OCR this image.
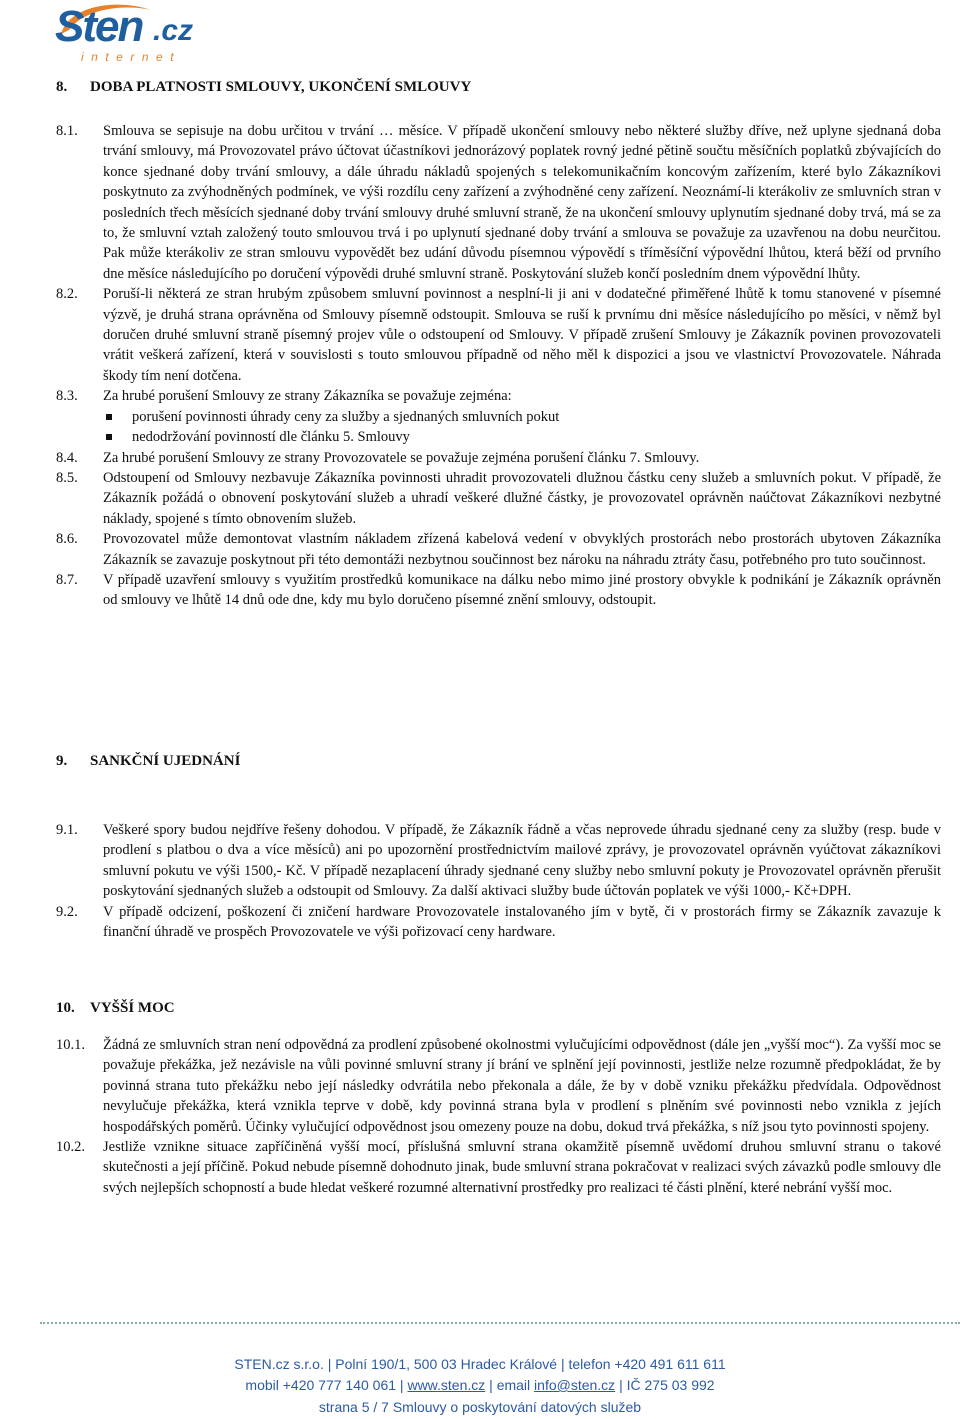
Sten .cz
internet
8. DOBA PLATNOSTI SMLOUVY, UKONČENÍ SMLOUVY
8.1.	Smlouva se sepisuje na dobu určitou v trvání … měsíce. V případě ukončení smlouvy nebo některé služby dříve, než uplyne sjednaná doba trvání smlouvy, má Provozovatel právo účtovat účastníkovi jednorázový poplatek rovný jedné pětině součtu měsíčních poplatků zbývajících do konce sjednané doby trvání smlouvy, a dále úhradu nákladů spojených s telekomunikačním koncovým zařízením, které bylo Zákazníkovi poskytnuto za zvýhodněných podmínek, ve výši rozdílu ceny zařízení a zvýhodněné ceny zařízení. Neoznámí-li kterákoliv ze smluvních stran v posledních třech měsících sjednané doby trvání smlouvy druhé smluvní straně, že na ukončení smlouvy uplynutím sjednané doby trvá, má se za to, že smluvní vztah založený touto smlouvou trvá i po uplynutí sjednané doby trvání a smlouva se považuje za uzavřenou na dobu neurčitou. Pak může kterákoliv ze stran smlouvu vypovědět bez udání důvodu písemnou výpovědí s tříměsíční výpovědní lhůtou, která běží od prvního dne měsíce následujícího po doručení výpovědi druhé smluvní straně. Poskytování služeb končí posledním dnem výpovědní lhůty.
8.2.	Poruší-li některá ze stran hrubým způsobem smluvní povinnost a nesplní-li ji ani v dodatečné přiměřené lhůtě k tomu stanovené v písemné výzvě, je druhá strana oprávněna od Smlouvy písemně odstoupit. Smlouva se ruší k prvnímu dni měsíce následujícího po měsíci, v němž byl doručen druhé smluvní straně písemný projev vůle o odstoupení od Smlouvy. V případě zrušení Smlouvy je Zákazník povinen provozovateli vrátit veškerá zařízení, která v souvislosti s touto smlouvou případně od něho měl k dispozici a jsou ve vlastnictví Provozovatele. Náhrada škody tím není dotčena.
8.3.	Za hrubé porušení Smlouvy ze strany Zákazníka se považuje zejména:
porušení povinnosti úhrady ceny za služby a sjednaných smluvních pokut
nedodržování povinností dle článku 5. Smlouvy
8.4.	Za hrubé porušení Smlouvy ze strany Provozovatele se považuje zejména porušení článku 7. Smlouvy.
8.5.	Odstoupení od Smlouvy nezbavuje Zákazníka povinnosti uhradit provozovateli dlužnou částku ceny služeb a smluvních pokut. V případě, že Zákazník požádá o obnovení poskytování služeb a uhradí veškeré dlužné částky, je provozovatel oprávněn naúčtovat Zákazníkovi nezbytné náklady, spojené s tímto obnovením služeb.
8.6.	Provozovatel může demontovat vlastním nákladem zřízená kabelová vedení v obvyklých prostorách nebo prostorách ubytoven Zákazníka Zákazník se zavazuje poskytnout při této demontáži nezbytnou součinnost bez nároku na náhradu ztráty času, potřebného pro tuto součinnost.
8.7.	V případě uzavření smlouvy s využitím prostředků komunikace na dálku nebo mimo jiné prostory obvykle k podnikání je Zákazník oprávněn od smlouvy ve lhůtě 14 dnů ode dne, kdy mu bylo doručeno písemné znění smlouvy, odstoupit.
9. SANKČNÍ UJEDNÁNÍ
9.1.	Veškeré spory budou nejdříve řešeny dohodou. V případě, že Zákazník řádně a včas neprovede úhradu sjednané ceny za služby (resp. bude v prodlení s platbou o dva a více měsíců) ani po upozornění prostřednictvím mailové zprávy, je provozovatel oprávněn vyúčtovat zákazníkovi smluvní pokutu ve výši 1500,- Kč. V případě nezaplacení úhrady sjednané ceny služby nebo smluvní pokuty je Provozovatel oprávněn přerušit poskytování sjednaných služeb a odstoupit od Smlouvy. Za další aktivaci služby bude účtován poplatek ve výši 1000,- Kč+DPH.
9.2.	V případě odcizení, poškození či zničení hardware Provozovatele instalovaného jím v bytě, či v prostorách firmy se Zákazník zavazuje k finanční úhradě ve prospěch Provozovatele ve výši pořizovací ceny hardware.
10. VYŠŠÍ MOC
10.1.	Žádná ze smluvních stran není odpovědná za prodlení způsobené okolnostmi vylučujícími odpovědnost (dále jen „vyšší moc“). Za vyšší moc se považuje překážka, jež nezávisle na vůli povinné smluvní strany jí brání ve splnění její povinnosti, jestliže nelze rozumně předpokládat, že by povinná strana tuto překážku nebo její následky odvrátila nebo překonala a dále, že by v době vzniku překážku předvídala. Odpovědnost nevylučuje překážka, která vznikla teprve v době, kdy povinná strana byla v prodlení s plněním své povinnosti nebo vznikla z jejích hospodářských poměrů. Účinky vylučující odpovědnost jsou omezeny pouze na dobu, dokud trvá překážka, s níž jsou tyto povinnosti spojeny.
10.2.	Jestliže vznikne situace zapříčiněná vyšší mocí, příslušná smluvní strana okamžitě písemně uvědomí druhou smluvní stranu o takové skutečnosti a její příčině. Pokud nebude písemně dohodnuto jinak, bude smluvní strana pokračovat v realizaci svých závazků podle smlouvy dle svých nejlepších schopností a bude hledat veškeré rozumné alternativní prostředky pro realizaci té části plnění, které nebrání vyšší moc.
STEN.cz s.r.o. | Polní 190/1, 500 03 Hradec Králové | telefon +420 491 611 611
mobil +420 777 140 061 | www.sten.cz | email info@sten.cz | IČ 275 03 992
strana 5 / 7 Smlouvy o poskytování datových služeb
